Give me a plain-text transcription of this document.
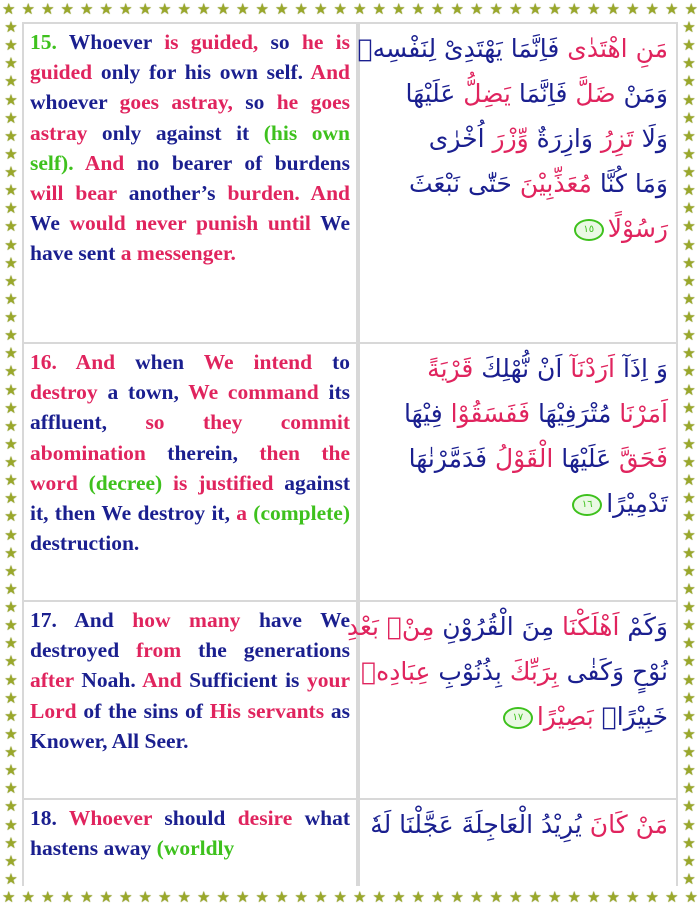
★ ★ ★ ★ ★ ★ ★ ★ ★ ★ ★ ★ ★ ★ ★ ★ ★ ★ ★ ★ ★ ★ ★ ★ ★ ★ ★ ★ ★ ★ ★ ★ ★ ★ ★ ★
★ ★ ★ ★ ★ ★ ★ ★ ★ ★ ★ ★ ★ ★ ★ ★ ★ ★ ★ ★ ★ ★ ★ ★ ★ ★ ★ ★ ★ ★ ★ ★ ★ ★ ★ ★
★
★
★
★
★
★
★
★
★
★
★
★
★
★
★
★
★
★
★
★
★
★
★
★
★
★
★
★
★
★
★
★
★
★
★
★
★
★
★
★
★
★
★
★
★
★
★
★
★
★
★
★
★
★
★
★
★
★
★
★
★
★
★
★
★
★
★
★
★
★
★
★
★
★
★
★
★
★
★
★
★
★
★
★
★
★
★
★
★
★
★
★
★
★
★
★
15. Whoever is guided, so he is guided only for his own self. And whoever goes astray, so he goes astray only against it (his own self). And no bearer of burdens will bear another’s burden. And We would never punish until We have sent a messenger.
مَنِ اهْتَدٰى فَاِنَّمَا يَهْتَدِىْ لِنَفْسِهٖ
وَمَنْ ضَلَّ فَاِنَّمَا يَضِلُّ عَلَيْهَا
وَلَا تَزِرُ وَازِرَةٌ وِّزْرَ اُخْرٰى
وَمَا كُنَّا مُعَذِّبِيْنَ حَتّٰى نَبْعَثَ
رَسُوْلًا١٥
16. And when We intend to destroy a town, We command its affluent, so they commit abomination therein, then the word (decree) is justified against it, then We destroy it, a (complete) destruction.
وَ اِذَآ اَرَدْنَآ اَنْ نُّهْلِكَ قَرْيَةً
اَمَرْنَا مُتْرَفِيْهَا فَفَسَقُوْا فِيْهَا
فَحَقَّ عَلَيْهَا الْقَوْلُ فَدَمَّرْنٰهَا
تَدْمِيْرًا١٦
17. And how many have We destroyed from the generations after Noah. And Sufficient is your Lord of the sins of His servants as Knower, All Seer.
وَكَمْ اَهْلَكْنَا مِنَ الْقُرُوْنِ مِنْۢ بَعْدِ
نُوْحٍ وَكَفٰى بِرَبِّكَ بِذُنُوْبِ عِبَادِهٖ
خَبِيْرًاۢ بَصِيْرًا١٧
18. Whoever should desire what hastens away (worldly
مَنْ كَانَ يُرِيْدُ الْعَاجِلَةَ عَجَّلْنَا لَهٗ
